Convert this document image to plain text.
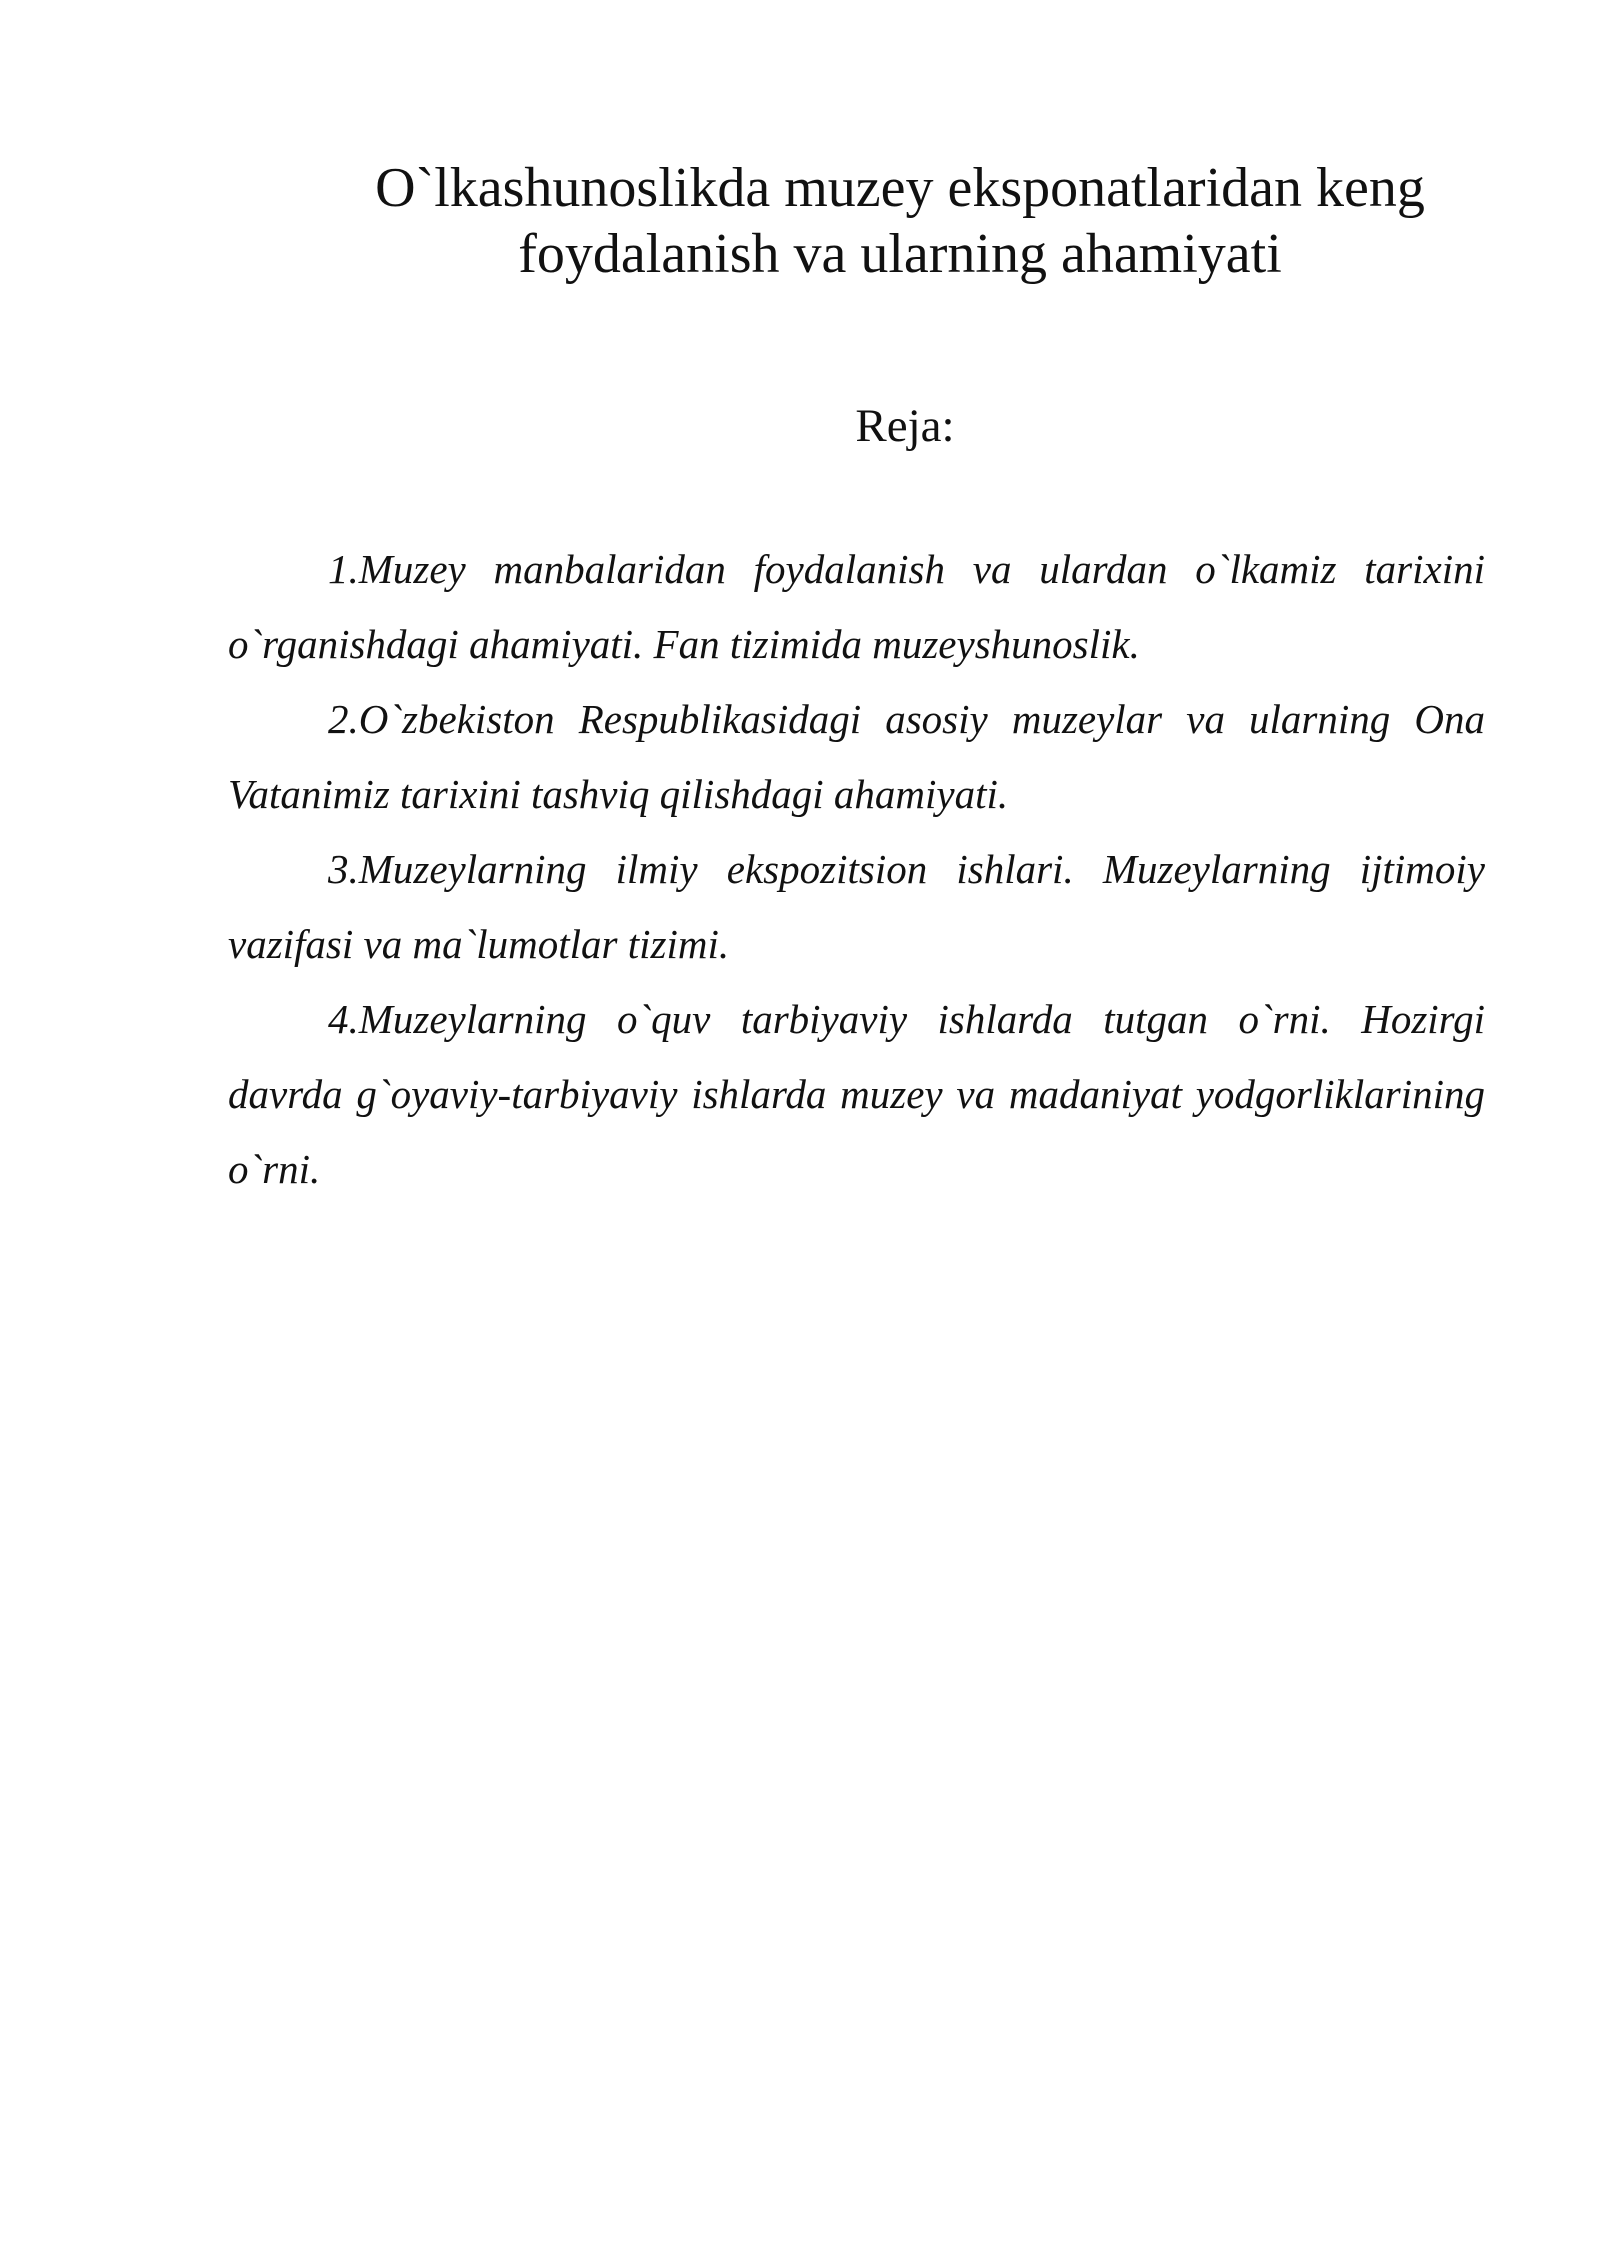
O`lkashunoslikda muzey eksponatlaridan keng
foydalanish va ularning ahamiyati
Reja:
1.Muzey manbalaridan foydalanish va ulardan o`lkamiz tarixini o`rganishdagi ahamiyati. Fan tizimida muzeyshunoslik.
2.O`zbekiston Respublikasidagi asosiy muzeylar va ularning Ona Vatanimiz tarixini tashviq qilishdagi ahamiyati.
3.Muzeylarning ilmiy ekspozitsion ishlari. Muzeylarning ijtimoiy vazifasi va ma`lumotlar tizimi.
4.Muzeylarning o`quv tarbiyaviy ishlarda tutgan o`rni. Hozirgi davrda g`oyaviy-tarbiyaviy ishlarda muzey va madaniyat yodgorliklarining o`rni.
